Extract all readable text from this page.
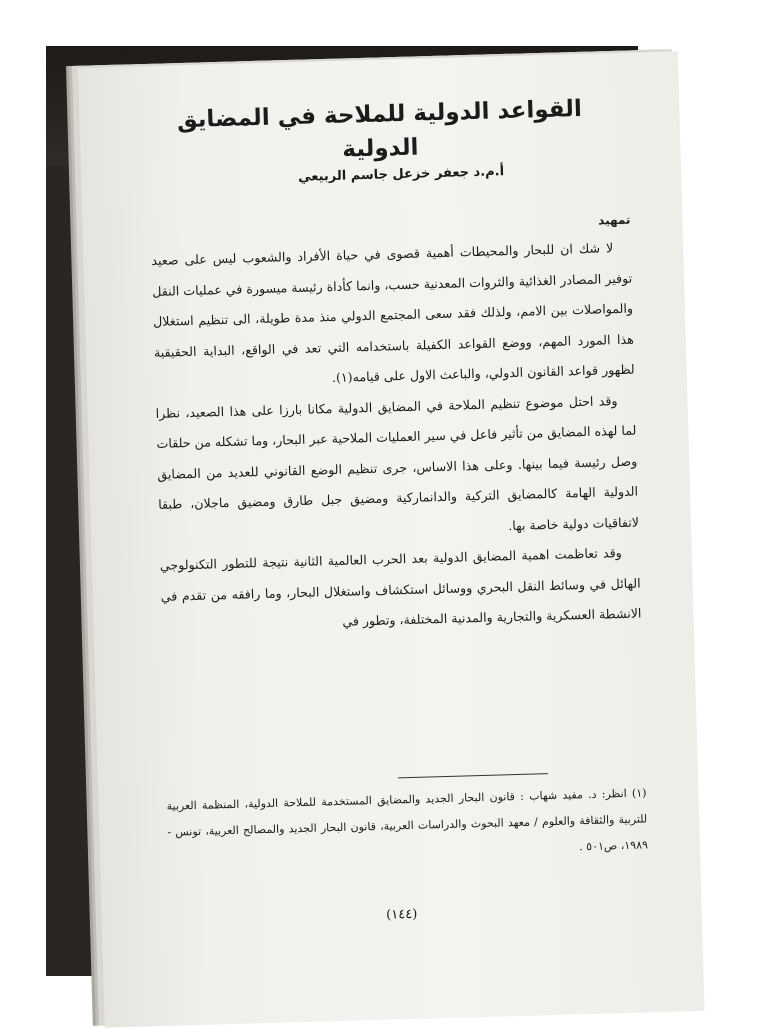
القواعد الدولية للملاحة في المضايق الدولية

أ.م.د جعفر خزعل جاسم الربيعي

تمهيد

لا شك ان للبحار والمحيطات أهمية قصوى في حياة الأفراد والشعوب ليس على صعيد توفير المصادر الغذائية والثروات المعدنية حسب، وانما كأداة رئيسة ميسورة في عمليات النقل والمواصلات بين الامم، ولذلك فقد سعى المجتمع الدولي منذ مدة طويلة، الى تنظيم استغلال هذا المورد المهم، ووضع القواعد الكفيلة باستخدامه التي تعد في الواقع، البداية الحقيقية لظهور قواعد القانون الدولي، والباعث الاول على قيامه(١).

وقد احتل موضوع تنظيم الملاحة في المضايق الدولية مكانا بارزا على هذا الصعيد، نظرا لما لهذه المضايق من تأثير فاعل في سير العمليات الملاحية عبر البحار، وما تشكله من حلقات وصل رئيسة فيما بينها. وعلى هذا الاساس، جرى تنظيم الوضع القانوني للعديد من المضايق الدولية الهامة كالمضايق التركية والدانماركية ومضيق جبل طارق ومضيق ماجلان، طبقا لاتفاقيات دولية خاصة بها.

وقد تعاظمت اهمية المضايق الدولية بعد الحرب العالمية الثانية نتيجة للتطور التكنولوجي الهائل في وسائط النقل البحري ووسائل استكشاف واستغلال البحار، وما رافقه من تقدم في الانشطة العسكرية والتجارية والمدنية المختلفة، وتطور في

(١) انظر: د. مفيد شهاب : قانون البحار الجديد والمضايق المستخدمة للملاحة الدولية، المنظمة العربية للتربية والثقافة والعلوم / معهد البحوث والدراسات العربية، قانون البحار الجديد والمصالح العربية، تونس - ١٩٨٩، ص٥٠١ .

(١٤٤)
